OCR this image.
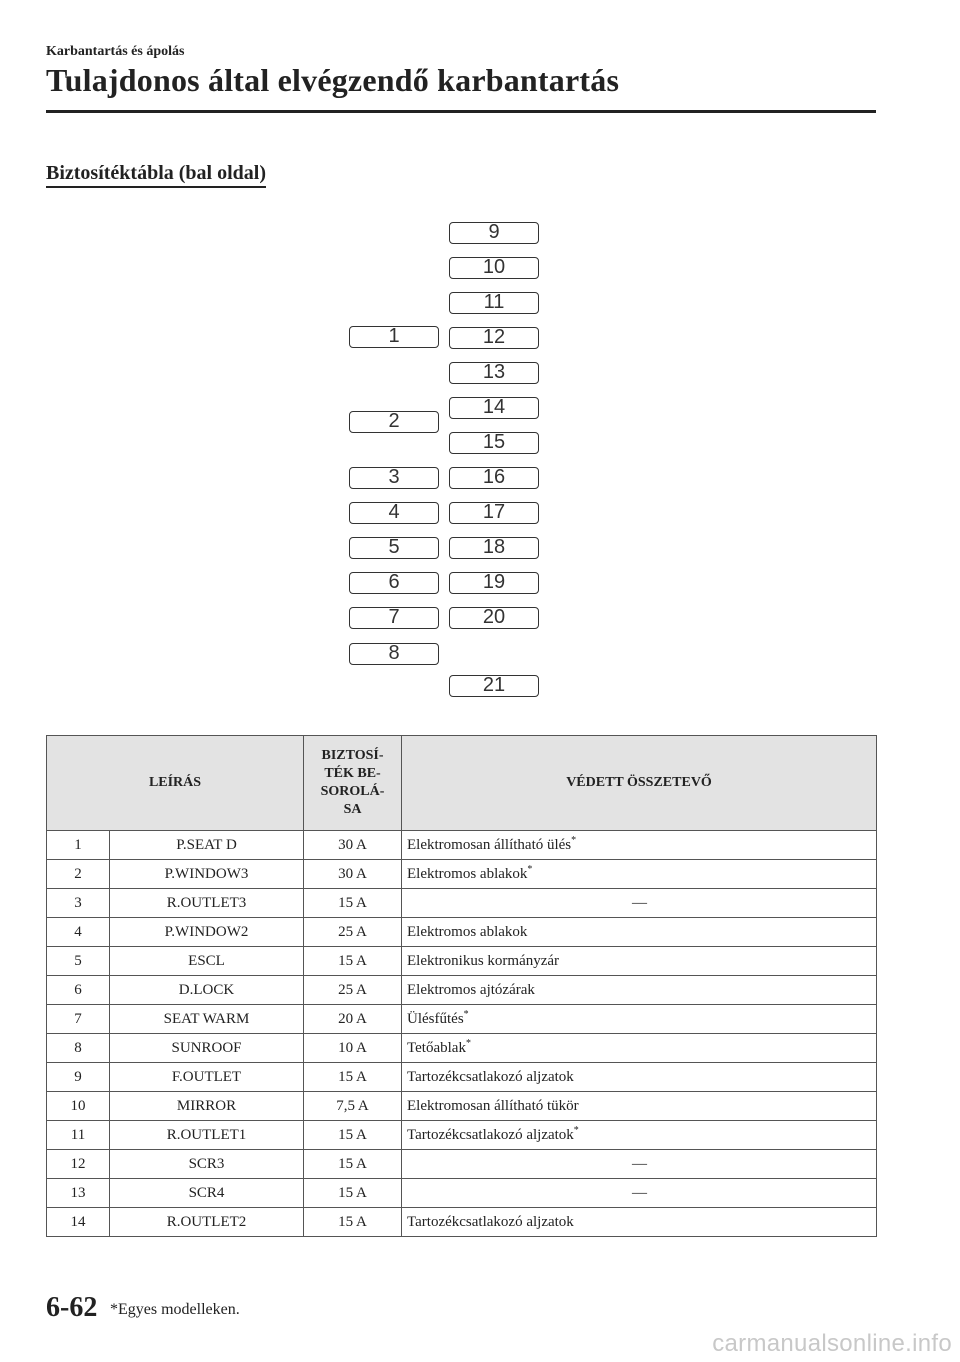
Karbantartás és ápolás
Tulajdonos által elvégzendő karbantartás
Biztosítéktábla (bal oldal)
1
2
3
4
5
6
7
8
9
10
11
12
13
14
15
16
17
18
19
20
21
LEÍRÁS		BIZTOSÍ-
TÉK BE-
SOROLÁ-
SA	VÉDETT ÖSSZETEVŐ
1	P.SEAT D	30 A	Elektromosan állítható ülés*
2	P.WINDOW3	30 A	Elektromos ablakok*
3	R.OUTLET3	15 A	—
4	P.WINDOW2	25 A	Elektromos ablakok
5	ESCL	15 A	Elektronikus kormányzár
6	D.LOCK	25 A	Elektromos ajtózárak
7	SEAT WARM	20 A	Ülésfűtés*
8	SUNROOF	10 A	Tetőablak*
9	F.OUTLET	15 A	Tartozékcsatlakozó aljzatok
10	MIRROR	7,5 A	Elektromosan állítható tükör
11	R.OUTLET1	15 A	Tartozékcsatlakozó aljzatok*
12	SCR3	15 A	—
13	SCR4	15 A	—
14	R.OUTLET2	15 A	Tartozékcsatlakozó aljzatok
6-62 *Egyes modelleken.
carmanualsonline.info
